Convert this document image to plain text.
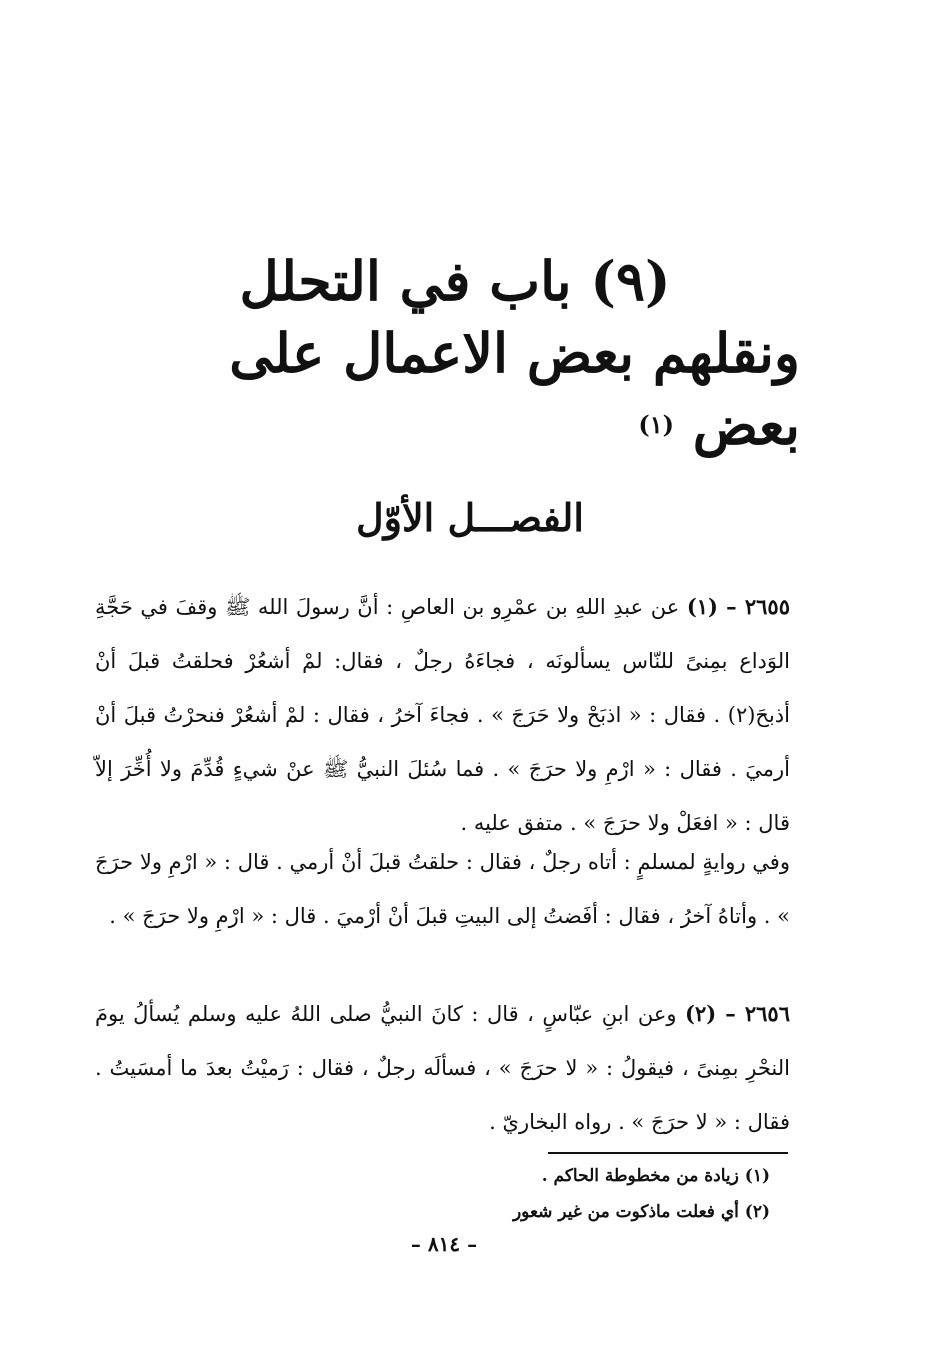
(٩) باب في التحلل

ونقلهم بعض الاعمال على بعض $^{(١)}$
الفصـــل الأوّل
٢٦٥٥ – (١) عن عبدِ اللهِ بن عمْرِو بن العاصِ : أنَّ رسولَ الله ﷺ وقفَ في حَجَّةِ الوَداع بمِنىً للنّاس يسألونَه ، فجاءَهُ رجلٌ ، فقال: لمْ أشعُرْ فحلقتُ قبلَ أنْ أذبحَ(٢) . فقال : « اذبَحْ ولا حَرَجَ » . فجاءَ آخرُ ، فقال : لمْ أشعُرْ فنحرْتُ قبلَ أنْ أرميَ . فقال : « ارْمِ ولا حرَجَ » . فما سُئلَ النبيُّ ﷺ عنْ شيءٍ قُدِّمَ ولا أُخِّرَ إلاّ قال : « افعَلْ ولا حرَجَ » . متفق عليه .
وفي روايةٍ لمسلمٍ : أتاه رجلٌ ، فقال : حلقتُ قبلَ أنْ أرمي . قال : « ارْمِ ولا حرَجَ » . وأتاهُ آخرُ ، فقال : أفَضتُ إلى البيتِ قبلَ أنْ أرْميَ . قال : « ارْمِ ولا حرَجَ » .
٢٦٥٦ – (٢) وعن ابنِ عبّاسٍ ، قال : كانَ النبيُّ صلى اللهُ عليه وسلم يُسألُ يومَ النحْرِ بمِنىً ، فيقولُ : « لا حرَجَ » ، فسألَه رجلٌ ، فقال : رَميْتُ بعدَ ما أمسَيتُ . فقال : « لا حرَجَ » . رواه البخاريّ .
(١) زيادة من مخطوطة الحاكم .
(٢) أي فعلت ماذكوت من غير شعور
– ٨١٤ –
